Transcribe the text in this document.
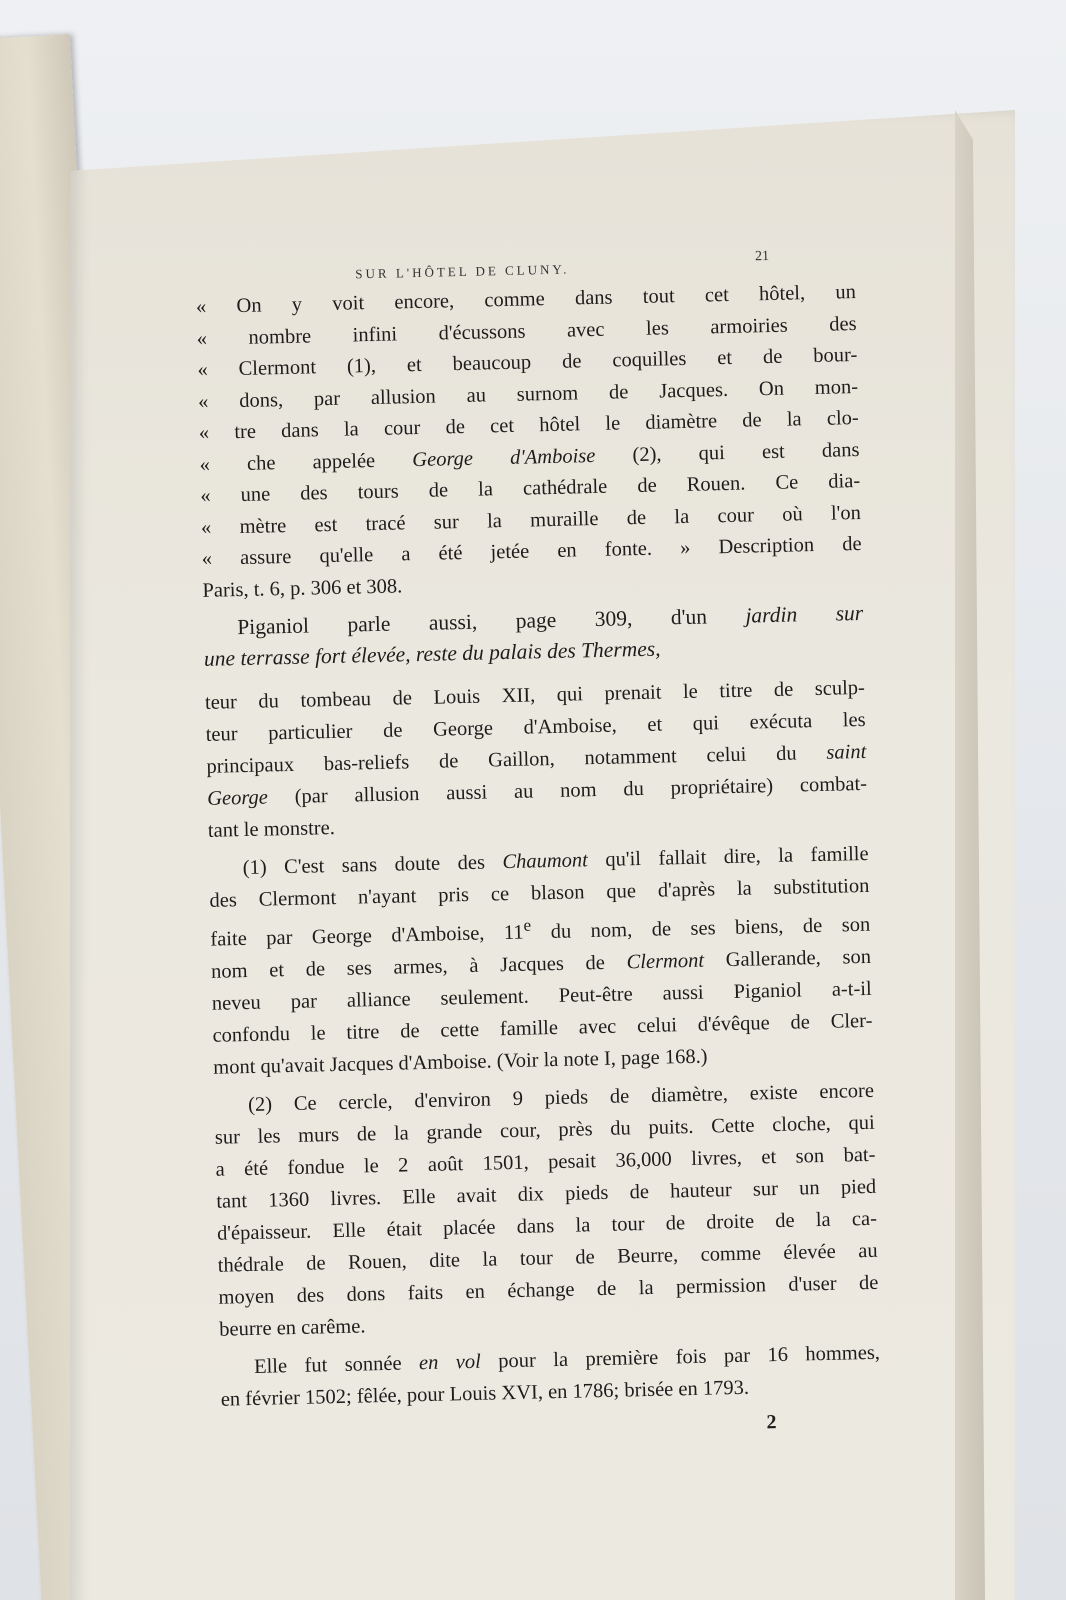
SUR L'HÔTEL DE CLUNY.
21
« On y voit encore, comme dans tout cet hôtel, un
« nombre infini d'écussons avec les armoiries des
« Clermont (1), et beaucoup de coquilles et de bour-
« dons, par allusion au surnom de Jacques. On mon-
« tre dans la cour de cet hôtel le diamètre de la clo-
« che appelée George d'Amboise (2), qui est dans
« une des tours de la cathédrale de Rouen. Ce dia-
« mètre est tracé sur la muraille de la cour où l'on
« assure qu'elle a été jetée en fonte. » Description de
Paris, t. 6, p. 306 et 308.
Piganiol parle aussi, page 309, d'un jardin sur
une terrasse fort élevée, reste du palais des Thermes,
teur du tombeau de Louis XII, qui prenait le titre de sculp-
teur particulier de George d'Amboise, et qui exécuta les
principaux bas-reliefs de Gaillon, notamment celui du saint
George (par allusion aussi au nom du propriétaire) combat-
tant le monstre.
(1) C'est sans doute des Chaumont qu'il fallait dire, la famille
des Clermont n'ayant pris ce blason que d'après la substitution
faite par George d'Amboise, 11e du nom, de ses biens, de son
nom et de ses armes, à Jacques de Clermont Gallerande, son
neveu par alliance seulement. Peut-être aussi Piganiol a-t-il
confondu le titre de cette famille avec celui d'évêque de Cler-
mont qu'avait Jacques d'Amboise. (Voir la note I, page 168.)
(2) Ce cercle, d'environ 9 pieds de diamètre, existe encore
sur les murs de la grande cour, près du puits. Cette cloche, qui
a été fondue le 2 août 1501, pesait 36,000 livres, et son bat-
tant 1360 livres. Elle avait dix pieds de hauteur sur un pied
d'épaisseur. Elle était placée dans la tour de droite de la ca-
thédrale de Rouen, dite la tour de Beurre, comme élevée au
moyen des dons faits en échange de la permission d'user de
beurre en carême.
Elle fut sonnée en vol pour la première fois par 16 hommes,
en février 1502; fêlée, pour Louis XVI, en 1786; brisée en 1793.
2
